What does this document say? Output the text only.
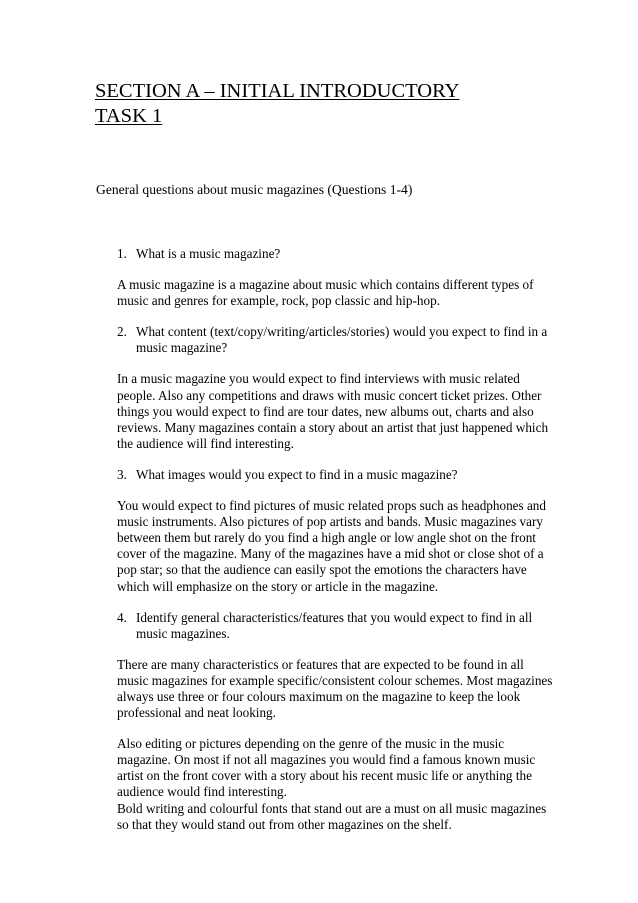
SECTION A – INITIAL INTRODUCTORY
TASK 1

General questions about music magazines (Questions 1-4)

1. What is a music magazine?

A music magazine is a magazine about music which contains different types of music and genres for example, rock, pop classic and hip-hop.

2. What content (text/copy/writing/articles/stories) would you expect to find in a music magazine?

In a music magazine you would expect to find interviews with music related people. Also any competitions and draws with music concert ticket prizes. Other things you would expect to find are tour dates, new albums out, charts and also reviews. Many magazines contain a story about an artist that just happened which the audience will find interesting.

3. What images would you expect to find in a music magazine?

You would expect to find pictures of music related props such as headphones and music instruments. Also pictures of pop artists and bands. Music magazines vary between them but rarely do you find a high angle or low angle shot on the front cover of the magazine. Many of the magazines have a mid shot or close shot of a pop star; so that the audience can easily spot the emotions the characters have which will emphasize on the story or article in the magazine.

4. Identify general characteristics/features that you would expect to find in all music magazines.

There are many characteristics or features that are expected to be found in all music magazines for example specific/consistent colour schemes. Most magazines always use three or four colours maximum on the magazine to keep the look professional and neat looking.

Also editing or pictures depending on the genre of the music in the music magazine. On most if not all magazines you would find a famous known music artist on the front cover with a story about his recent music life or anything the audience would find interesting.

Bold writing and colourful fonts that stand out are a must on all music magazines so that they would stand out from other magazines on the shelf.
